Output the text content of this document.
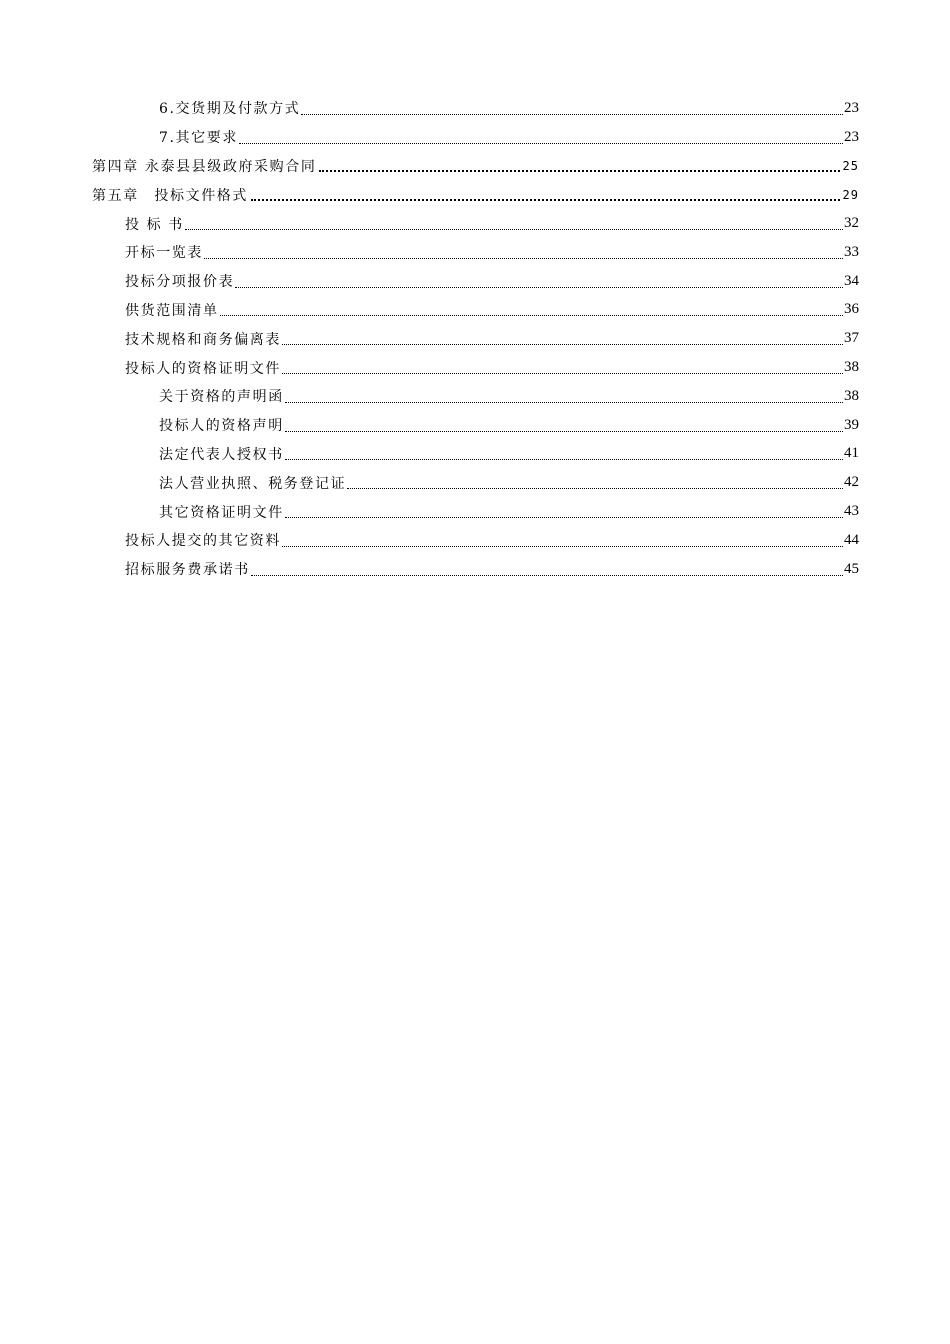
6.交货期及付款方式	23
7.其它要求	23
第四章 永泰县县级政府采购合同	25
第五章　投标文件格式	29
投 标 书	32
开标一览表	33
投标分项报价表	34
供货范围清单	36
技术规格和商务偏离表	37
投标人的资格证明文件	38
关于资格的声明函	38
投标人的资格声明	39
法定代表人授权书	41
法人营业执照、税务登记证	42
其它资格证明文件	43
投标人提交的其它资料	44
招标服务费承诺书	45
